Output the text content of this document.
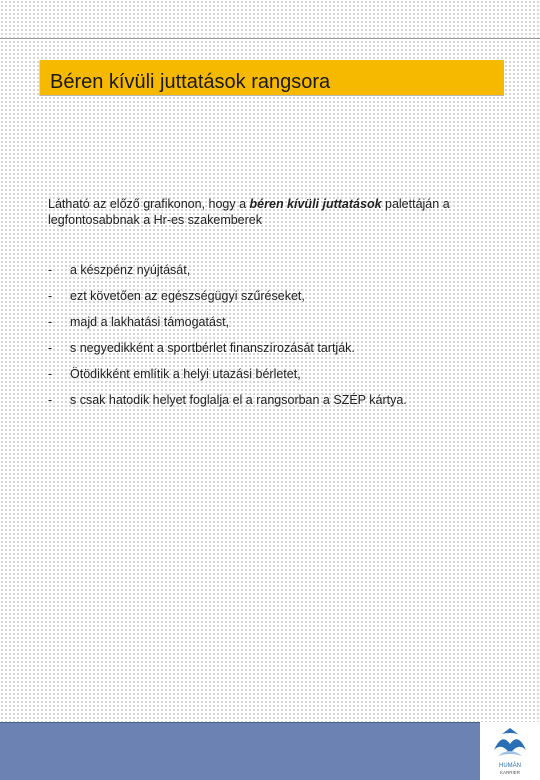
Béren kívüli juttatások rangsora

Látható az előző grafikonon, hogy a béren kívüli juttatások palettáján a legfontosabbnak a Hr-es szakemberek

- a készpénz nyújtását,
- ezt követően az egészségügyi szűréseket,
- majd a lakhatási támogatást,
- s negyedikként a sportbérlet finanszírozását tartják.
- Ötödikként említik a helyi utazási bérletet,
- s csak hatodik helyet foglalja el a rangsorban a SZÉP kártya.
HUMÁN
KARRIER
